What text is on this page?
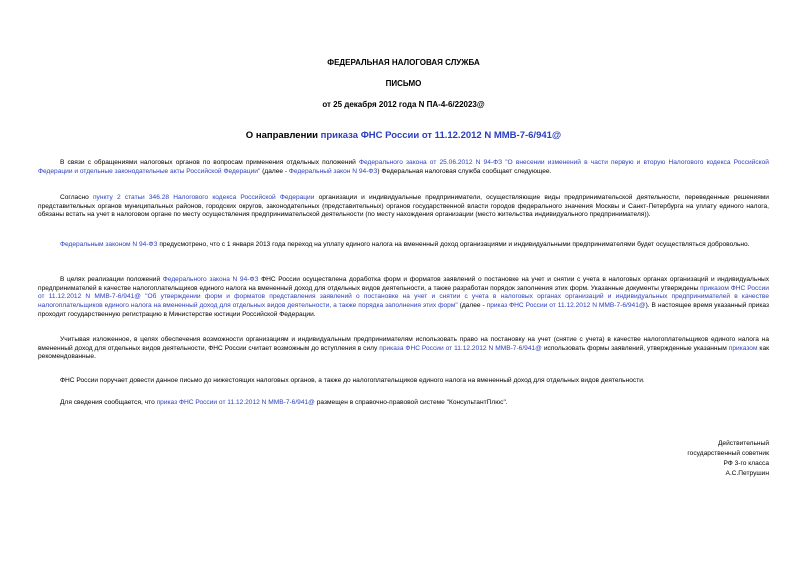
ФЕДЕРАЛЬНАЯ НАЛОГОВАЯ СЛУЖБА
ПИСЬМО
от 25 декабря 2012 года N ПА-4-6/22023@
О направлении приказа ФНС России от 11.12.2012 N ММВ-7-6/941@

В связи с обращениями налоговых органов по вопросам применения отдельных положений Федерального закона от 25.06.2012 N 94-ФЗ "О внесении изменений в части первую и вторую Налогового кодекса Российской Федерации и отдельные законодательные акты Российской Федерации" (далее - Федеральный закон N 94-ФЗ) Федеральная налоговая служба сообщает следующее.

Согласно пункту 2 статьи 346.28 Налогового кодекса Российской Федерации организации и индивидуальные предприниматели, осуществляющие виды предпринимательской деятельности, переведенные решениями представительных органов муниципальных районов, городских округов, законодательных (представительных) органов государственной власти городов федерального значения Москвы и Санкт-Петербурга на уплату единого налога, обязаны встать на учет в налоговом органе по месту осуществления предпринимательской деятельности (по месту нахождения организации (место жительства индивидуального предпринимателя)).

Федеральным законом N 94-ФЗ предусмотрено, что с 1 января 2013 года переход на уплату единого налога на вмененный доход организациями и индивидуальными предпринимателями будет осуществляться добровольно.

В целях реализации положений Федерального закона N 94-ФЗ ФНС России осуществлена доработка форм и форматов заявлений о постановке на учет и снятии с учета в налоговых органах организаций и индивидуальных предпринимателей в качестве налогоплательщиков единого налога на вмененный доход для отдельных видов деятельности, а также разработан порядок заполнения этих форм. Указанные документы утверждены приказом ФНС России от 11.12.2012 N ММВ-7-6/941@ "Об утверждении форм и форматов представления заявлений о постановке на учет и снятии с учета в налоговых органах организаций и индивидуальных предпринимателей в качестве налогоплательщиков единого налога на вмененный доход для отдельных видов деятельности, а также порядка заполнения этих форм" (далее - приказ ФНС России от 11.12.2012 N ММВ-7-6/941@). В настоящее время указанный приказ проходит государственную регистрацию в Министерстве юстиции Российской Федерации.

Учитывая изложенное, в целях обеспечения возможности организациям и индивидуальным предпринимателям использовать право на постановку на учет (снятие с учета) в качестве налогоплательщиков единого налога на вмененный доход для отдельных видов деятельности, ФНС России считает возможным до вступления в силу приказа ФНС России от 11.12.2012 N ММВ-7-6/941@ использовать формы заявлений, утвержденные указанным приказом как рекомендованные.

ФНС России поручает довести данное письмо до нижестоящих налоговых органов, а также до налогоплательщиков единого налога на вмененный доход для отдельных видов деятельности.

Для сведения сообщается, что приказ ФНС России от 11.12.2012 N ММВ-7-6/941@ размещен в справочно-правовой системе "КонсультантПлюс".

Действительный
государственный советник
РФ 3-го класса
А.С.Петрушин
